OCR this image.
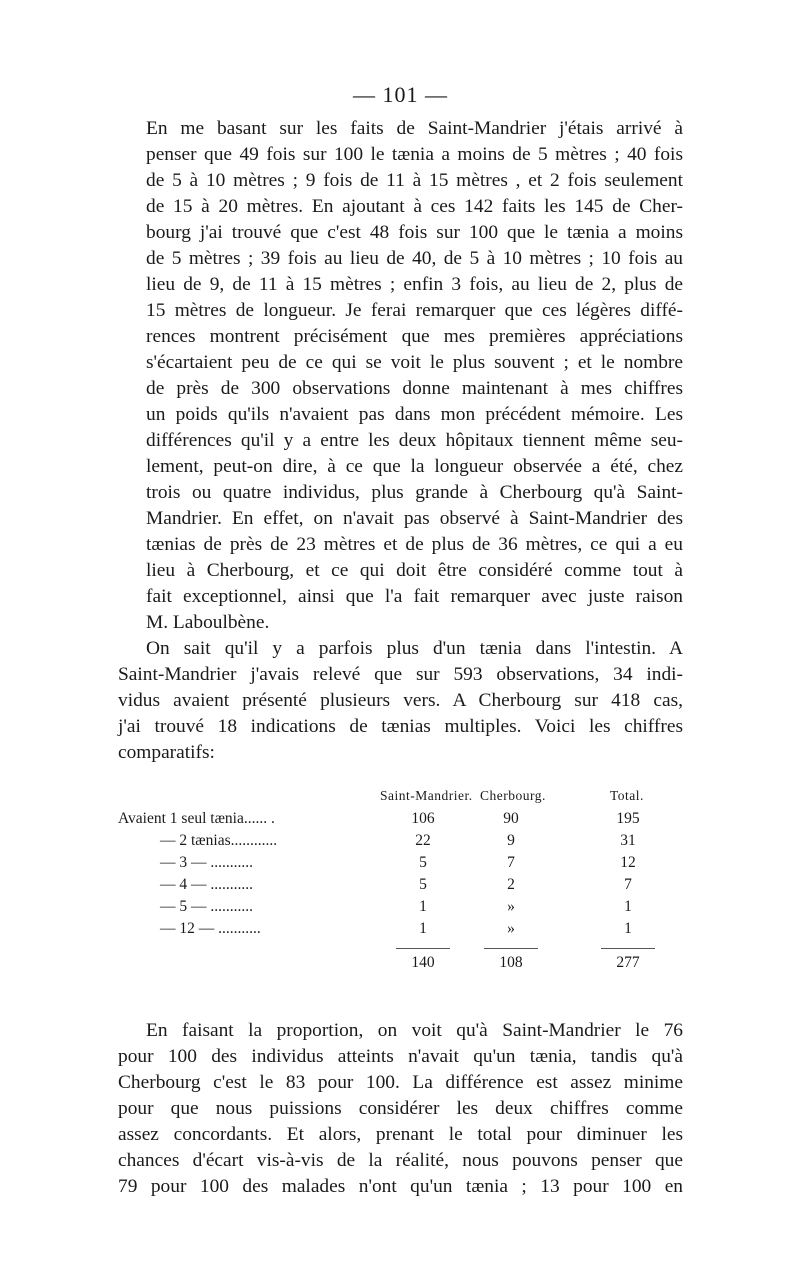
— 101 —

En me basant sur les faits de Saint-Mandrier j'étais arrivé à
penser que 49 fois sur 100 le tænia a moins de 5 mètres ; 40 fois
de 5 à 10 mètres ; 9 fois de 11 à 15 mètres , et 2 fois seulement
de 15 à 20 mètres. En ajoutant à ces 142 faits les 145 de Cher-
bourg j'ai trouvé que c'est 48 fois sur 100 que le tænia a moins
de 5 mètres ; 39 fois au lieu de 40, de 5 à 10 mètres ; 10 fois au
lieu de 9, de 11 à 15 mètres ; enfin 3 fois, au lieu de 2, plus de
15 mètres de longueur. Je ferai remarquer que ces légères diffé-
rences montrent précisément que mes premières appréciations
s'écartaient peu de ce qui se voit le plus souvent ; et le nombre
de près de 300 observations donne maintenant à mes chiffres
un poids qu'ils n'avaient pas dans mon précédent mémoire. Les
différences qu'il y a entre les deux hôpitaux tiennent même seu-
lement, peut-on dire, à ce que la longueur observée a été, chez
trois ou quatre individus, plus grande à Cherbourg qu'à Saint-
Mandrier. En effet, on n'avait pas observé à Saint-Mandrier des
tænias de près de 23 mètres et de plus de 36 mètres, ce qui a eu
lieu à Cherbourg, et ce qui doit être considéré comme tout à
fait exceptionnel, ainsi que l'a fait remarquer avec juste raison
M. Laboulbène.

On sait qu'il y a parfois plus d'un tænia dans l'intestin. A
Saint-Mandrier j'avais relevé que sur 593 observations, 34 indi-
vidus avaient présenté plusieurs vers. A Cherbourg sur 418 cas,
j'ai trouvé 18 indications de tænias multiples. Voici les chiffres
comparatifs:

Saint-Mandrier. Cherbourg.	Total.
Avaient 1 seul tænia...... .	106	90	195
— 2 tænias............	22	9	31
— 3 — ...........	5	7	12
— 4 — ...........	5	2	7
— 5 — ...........	1	»	1
— 12 — ...........	1	»	1
140	108	277

En faisant la proportion, on voit qu'à Saint-Mandrier le 76
pour 100 des individus atteints n'avait qu'un tænia, tandis qu'à
Cherbourg c'est le 83 pour 100. La différence est assez minime
pour que nous puissions considérer les deux chiffres comme
assez concordants. Et alors, prenant le total pour diminuer les
chances d'écart vis-à-vis de la réalité, nous pouvons penser que
79 pour 100 des malades n'ont qu'un tænia ; 13 pour 100 en
